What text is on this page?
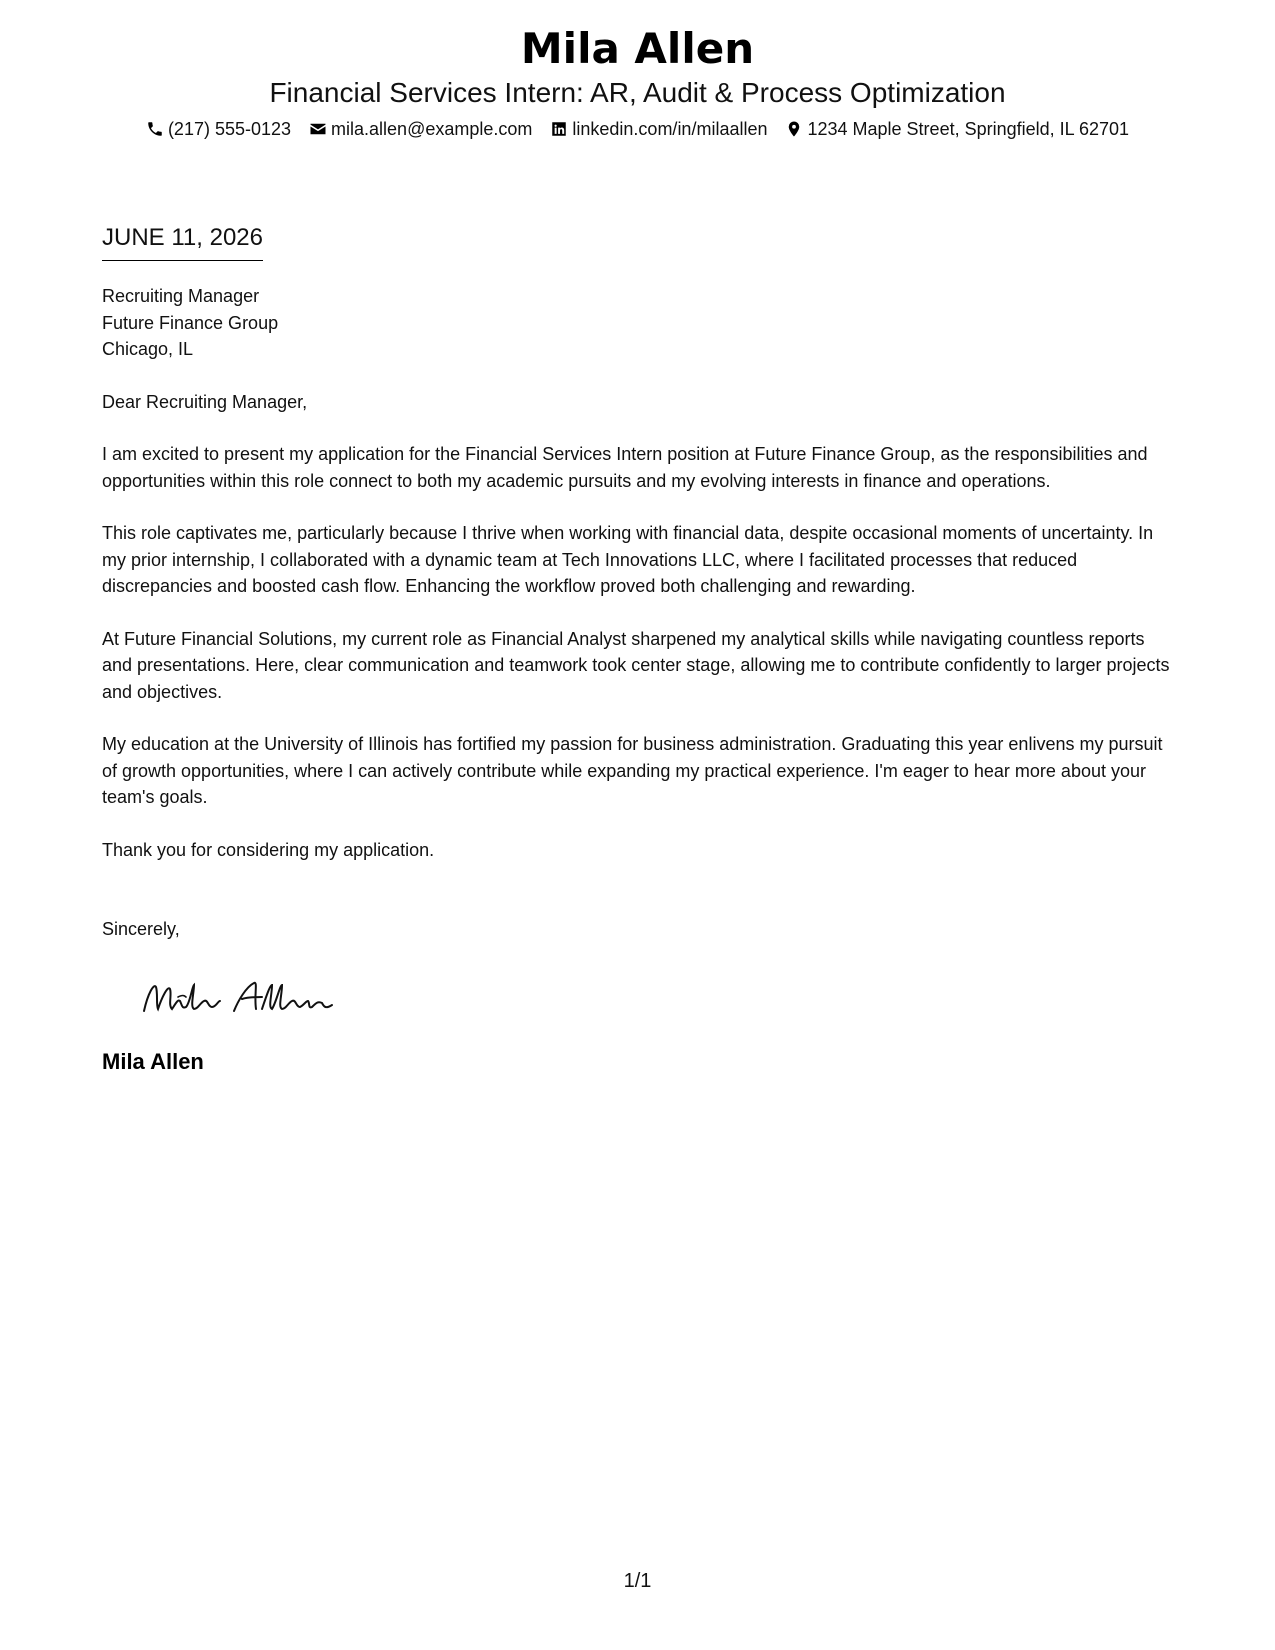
Mila Allen

Financial Services Intern: AR, Audit & Process Optimization

(217) 555-0123 mila.allen@example.com linkedin.com/in/milaallen 1234 Maple Street, Springfield, IL 62701
JUNE 11, 2026
Recruiting Manager
Future Finance Group
Chicago, IL
Dear Recruiting Manager,

I am excited to present my application for the Financial Services Intern position at Future Finance Group, as the responsibilities and opportunities within this role connect to both my academic pursuits and my evolving interests in finance and operations.

This role captivates me, particularly because I thrive when working with financial data, despite occasional moments of uncertainty. In my prior internship, I collaborated with a dynamic team at Tech Innovations LLC, where I facilitated processes that reduced discrepancies and boosted cash flow. Enhancing the workflow proved both challenging and rewarding.

At Future Financial Solutions, my current role as Financial Analyst sharpened my analytical skills while navigating countless reports and presentations. Here, clear communication and teamwork took center stage, allowing me to contribute confidently to larger projects and objectives.

My education at the University of Illinois has fortified my passion for business administration. Graduating this year enlivens my pursuit of growth opportunities, where I can actively contribute while expanding my practical experience. I'm eager to hear more about your team's goals.

Thank you for considering my application.

Sincerely,
Mila Allen
1/1
